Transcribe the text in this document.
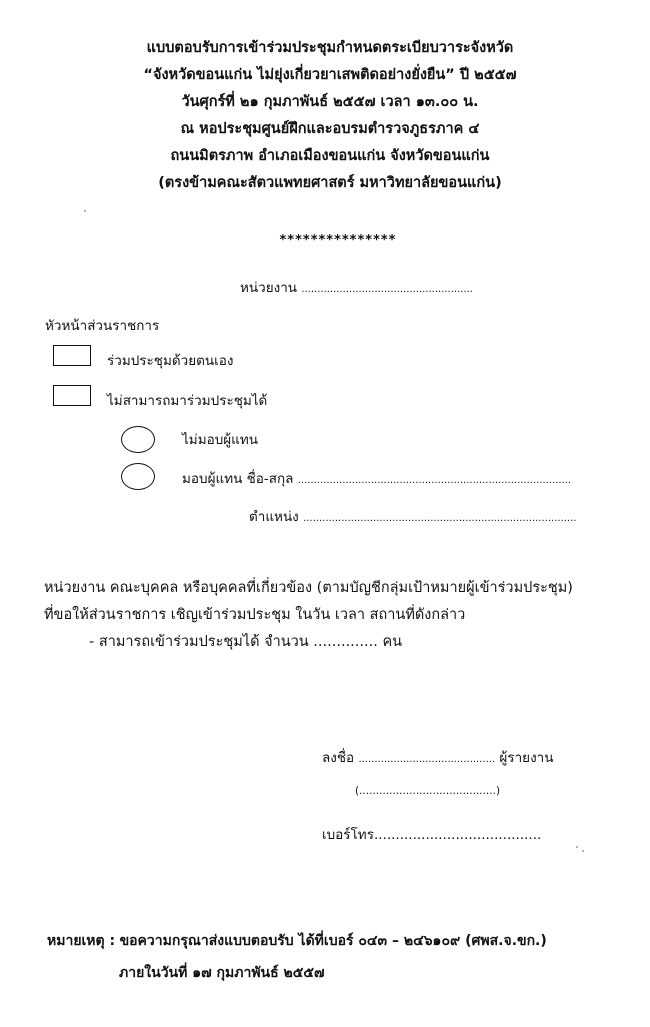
แบบตอบรับการเข้าร่วมประชุมกำหนดตระเบียบวาระจังหวัด
“จังหวัดขอนแก่น ไม่ยุ่งเกี่ยวยาเสพติดอย่างยั่งยืน” ปี ๒๕๕๗
วันศุกร์ที่ ๒๑ กุมภาพันธ์ ๒๕๕๗ เวลา ๑๓.๐๐ น.
ณ หอประชุมศูนย์ฝึกและอบรมตำรวจภูธรภาค ๔
ถนนมิตรภาพ อำเภอเมืองขอนแก่น จังหวัดขอนแก่น
(ตรงข้ามคณะสัตวแพทยศาสตร์ มหาวิทยาลัยขอนแก่น)
***************
หน่วยงาน ......................................................
หัวหน้าส่วนราชการ
ร่วมประชุมด้วยตนเอง
ไม่สามารถมาร่วมประชุมได้
ไม่มอบผู้แทน
มอบผู้แทน ชื่อ-สกุล ......................................................................................
ตำแหน่ง ......................................................................................
หน่วยงาน คณะบุคคล หรือบุคคลที่เกี่ยวข้อง (ตามบัญชีกลุ่มเป้าหมายผู้เข้าร่วมประชุม)
ที่ขอให้ส่วนราชการ เชิญเข้าร่วมประชุม ในวัน เวลา สถานที่ดังกล่าว
- สามารถเข้าร่วมประชุมได้ จำนวน .............. คน
ลงชื่อ ........................................... ผู้รายงาน
(.........................................)
เบอร์โทร.......................................
หมายเหตุ : ขอความกรุณาส่งแบบตอบรับ ได้ที่เบอร์ ๐๔๓ – ๒๔๖๑๐๙ (ศพส.จ.ขก.)
ภายในวันที่ ๑๗ กุมภาพันธ์ ๒๕๕๗
